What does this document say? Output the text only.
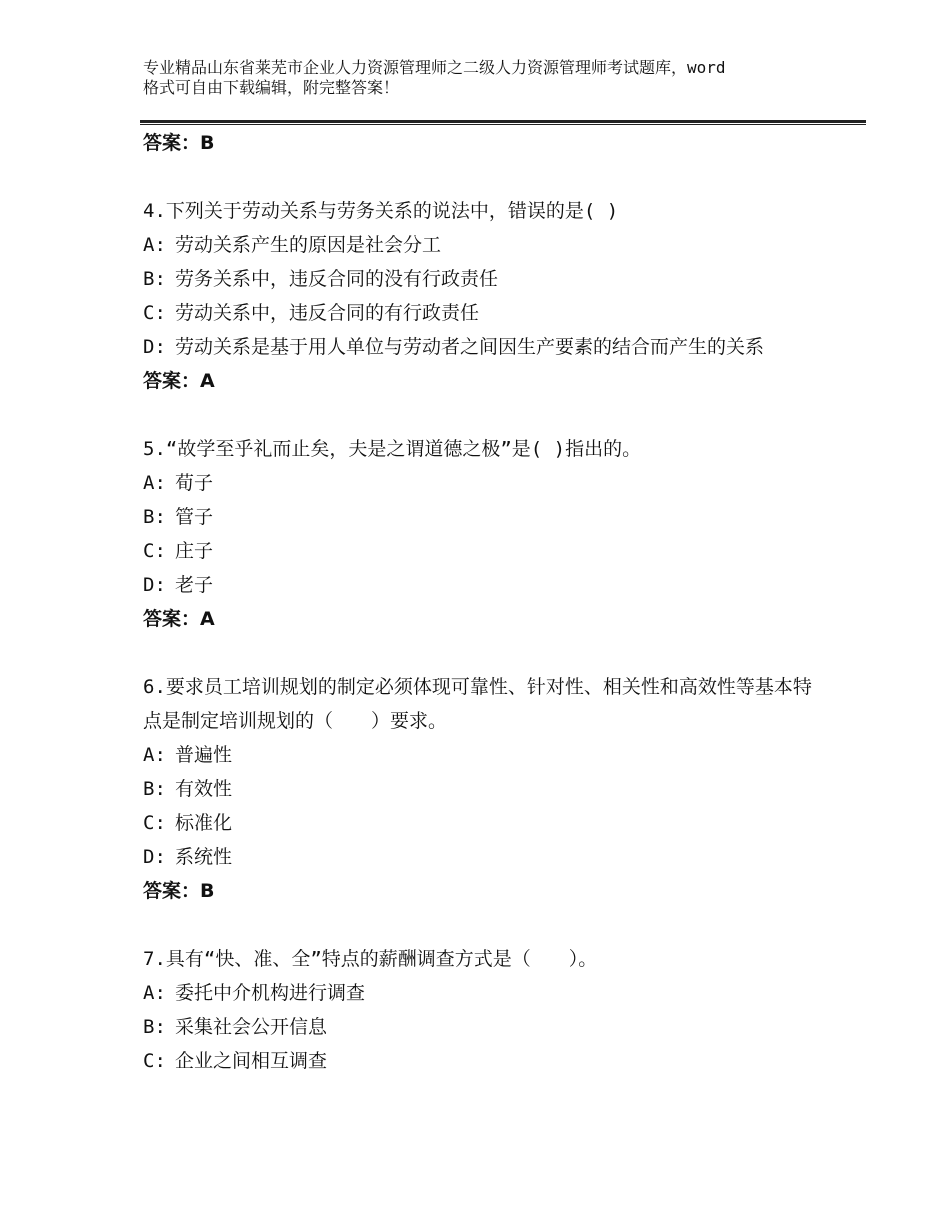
专业精品山东省莱芜市企业人力资源管理师之二级人力资源管理师考试题库，word
格式可自由下载编辑，附完整答案！
答案：B
4.下列关于劳动关系与劳务关系的说法中，错误的是( )
A: 劳动关系产生的原因是社会分工
B: 劳务关系中，违反合同的没有行政责任
C: 劳动关系中，违反合同的有行政责任
D: 劳动关系是基于用人单位与劳动者之间因生产要素的结合而产生的关系
答案：A
5.“故学至乎礼而止矣，夫是之谓道德之极”是( )指出的。
A: 荀子
B: 管子
C: 庄子
D: 老子
答案：A
6.要求员工培训规划的制定必须体现可靠性、针对性、相关性和高效性等基本特点是制定培训规划的（　　）要求。
A: 普遍性
B: 有效性
C: 标准化
D: 系统性
答案：B
7.具有“快、准、全”特点的薪酬调查方式是（　　）。
A: 委托中介机构进行调查
B: 采集社会公开信息
C: 企业之间相互调查
